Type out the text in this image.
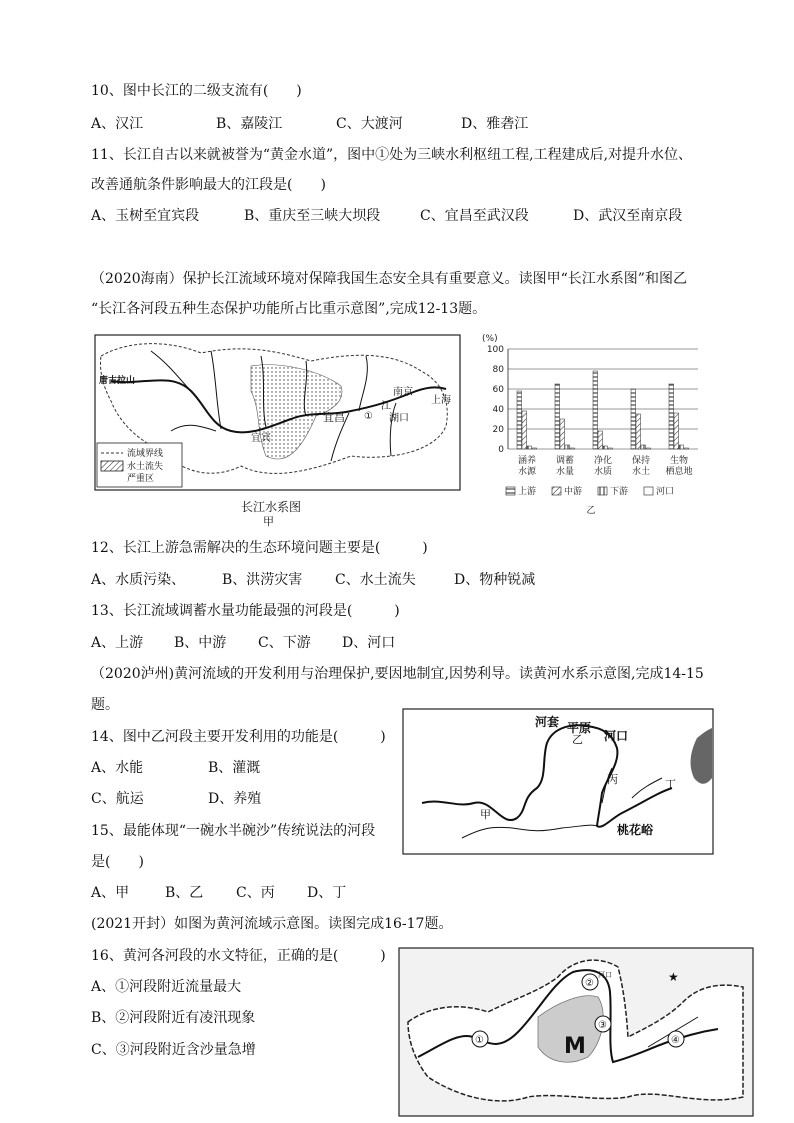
10、图中长江的二级支流有(　　)
A、汉江	B、嘉陵江	C、大渡河	D、雅砻江
11、长江自古以来就被誉为“黄金水道”，图中①处为三峡水利枢纽工程,工程建成后,对提升水位、
改善通航条件影响最大的江段是(　　)
A、玉树至宜宾段	B、重庆至三峡大坝段	C、宜昌至武汉段	D、武汉至南京段
（2020海南）保护长江流域环境对保障我国生态安全具有重要意义。读图甲“长江水系图”和图乙
“长江各河段五种生态保护功能所占比重示意图”,完成12-13题。
流域界线
水土流失
严重区
唐古拉山
宜宾
宜昌 ①
南京
上海
江
湖口
长江水系图
甲
(%)
0
20
40
60
80
100
涵养
水源
调蓄
水量
净化
水质
保持
水土
生物
栖息地
上游	中游	下游	河口
乙
12、长江上游急需解决的生态环境问题主要是(　　　)
A、水质污染、	B、洪涝灾害 C、水土流失	D、物种锐减
13、长江流域调蓄水量功能最强的河段是(　　　)
A、上游 B、中游 C、下游 D、河口
（2020泸州)黄河流域的开发利用与治理保护,要因地制宜,因势利导。读黄河水系示意图,完成14-15
题。
河套 平原
河口
乙
丙	丁
甲
桃花峪
14、图中乙河段主要开发利用的功能是(　　　)
A、水能	B、灌溉
C、航运	D、养殖
15、最能体现“一碗水半碗沙”传统说法的河段
是(　　)
A、甲	B、乙 C、丙 D、丁
(2021开封）如图为黄河流域示意图。读图完成16-17题。
16、黄河各河段的水文特征，正确的是(　　　)
A、①河段附近流量最大
B、②河段附近有凌汛现象
C、③河段附近含沙量急增
★
①
②
③
④
M
河口
